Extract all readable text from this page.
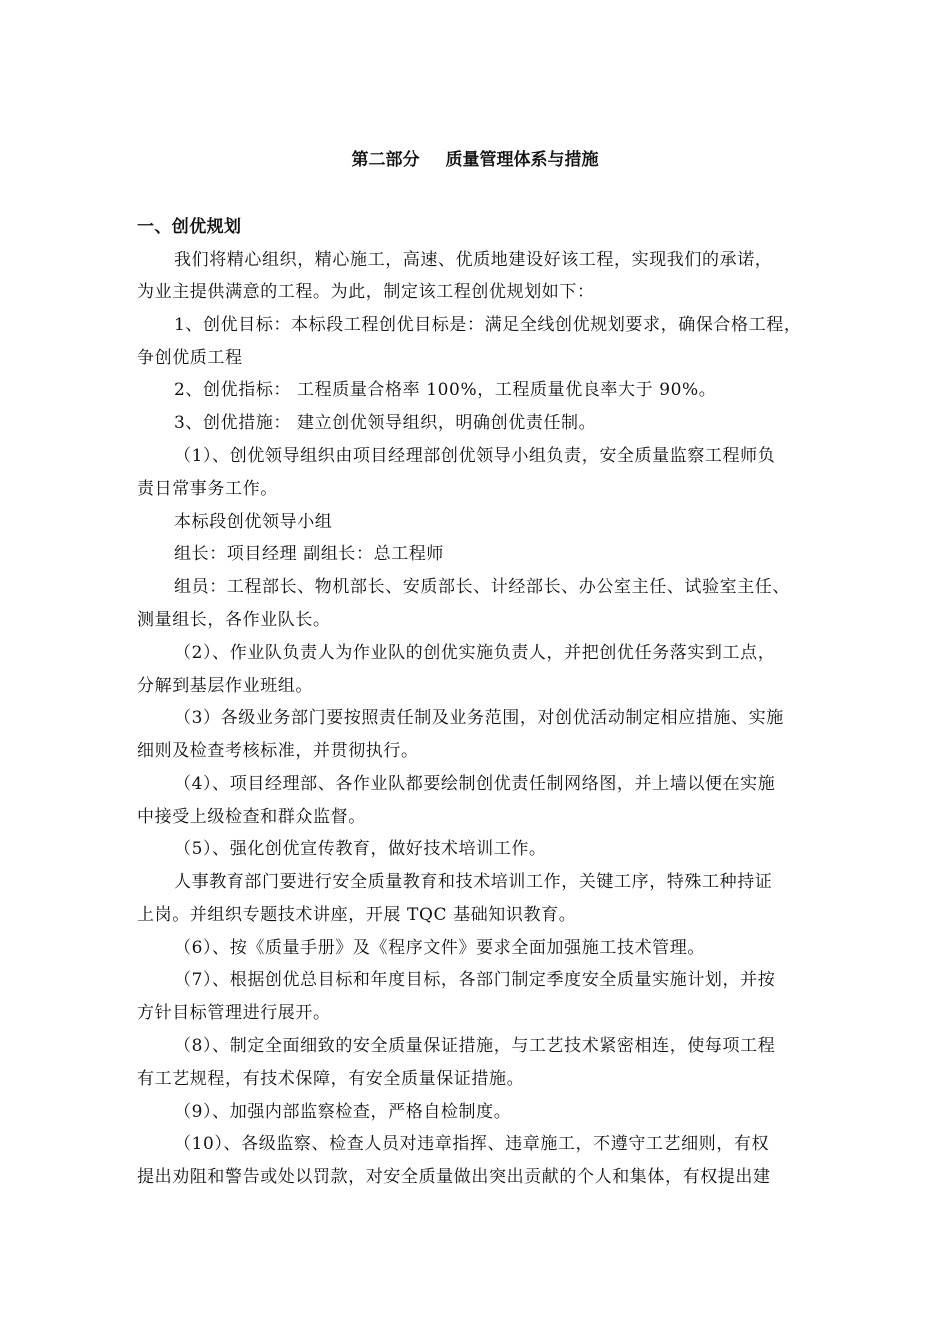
第二部分 质量管理体系与措施
一、创优规划
我们将精心组织，精心施工，高速、优质地建设好该工程，实现我们的承诺，
为业主提供满意的工程。为此，制定该工程创优规划如下：
1、创优目标：本标段工程创优目标是：满足全线创优规划要求，确保合格工程，
争创优质工程
2、创优指标： 工程质量合格率 100%，工程质量优良率大于 90%。
3、创优措施： 建立创优领导组织，明确创优责任制。
（1）、创优领导组织由项目经理部创优领导小组负责，安全质量监察工程师负
责日常事务工作。
本标段创优领导小组
组长：项目经理 副组长：总工程师
组员：工程部长、物机部长、安质部长、计经部长、办公室主任、试验室主任、
测量组长，各作业队长。
（2）、作业队负责人为作业队的创优实施负责人，并把创优任务落实到工点，
分解到基层作业班组。
（3）各级业务部门要按照责任制及业务范围，对创优活动制定相应措施、实施
细则及检查考核标准，并贯彻执行。
（4）、项目经理部、各作业队都要绘制创优责任制网络图，并上墙以便在实施
中接受上级检查和群众监督。
（5）、强化创优宣传教育，做好技术培训工作。
人事教育部门要进行安全质量教育和技术培训工作，关键工序，特殊工种持证
上岗。并组织专题技术讲座，开展 TQC 基础知识教育。
（6）、按《质量手册》及《程序文件》要求全面加强施工技术管理。
（7）、根据创优总目标和年度目标，各部门制定季度安全质量实施计划，并按
方针目标管理进行展开。
（8）、制定全面细致的安全质量保证措施，与工艺技术紧密相连，使每项工程
有工艺规程，有技术保障，有安全质量保证措施。
（9）、加强内部监察检查，严格自检制度。
（10）、各级监察、检查人员对违章指挥、违章施工，不遵守工艺细则，有权
提出劝阻和警告或处以罚款，对安全质量做出突出贡献的个人和集体，有权提出建
